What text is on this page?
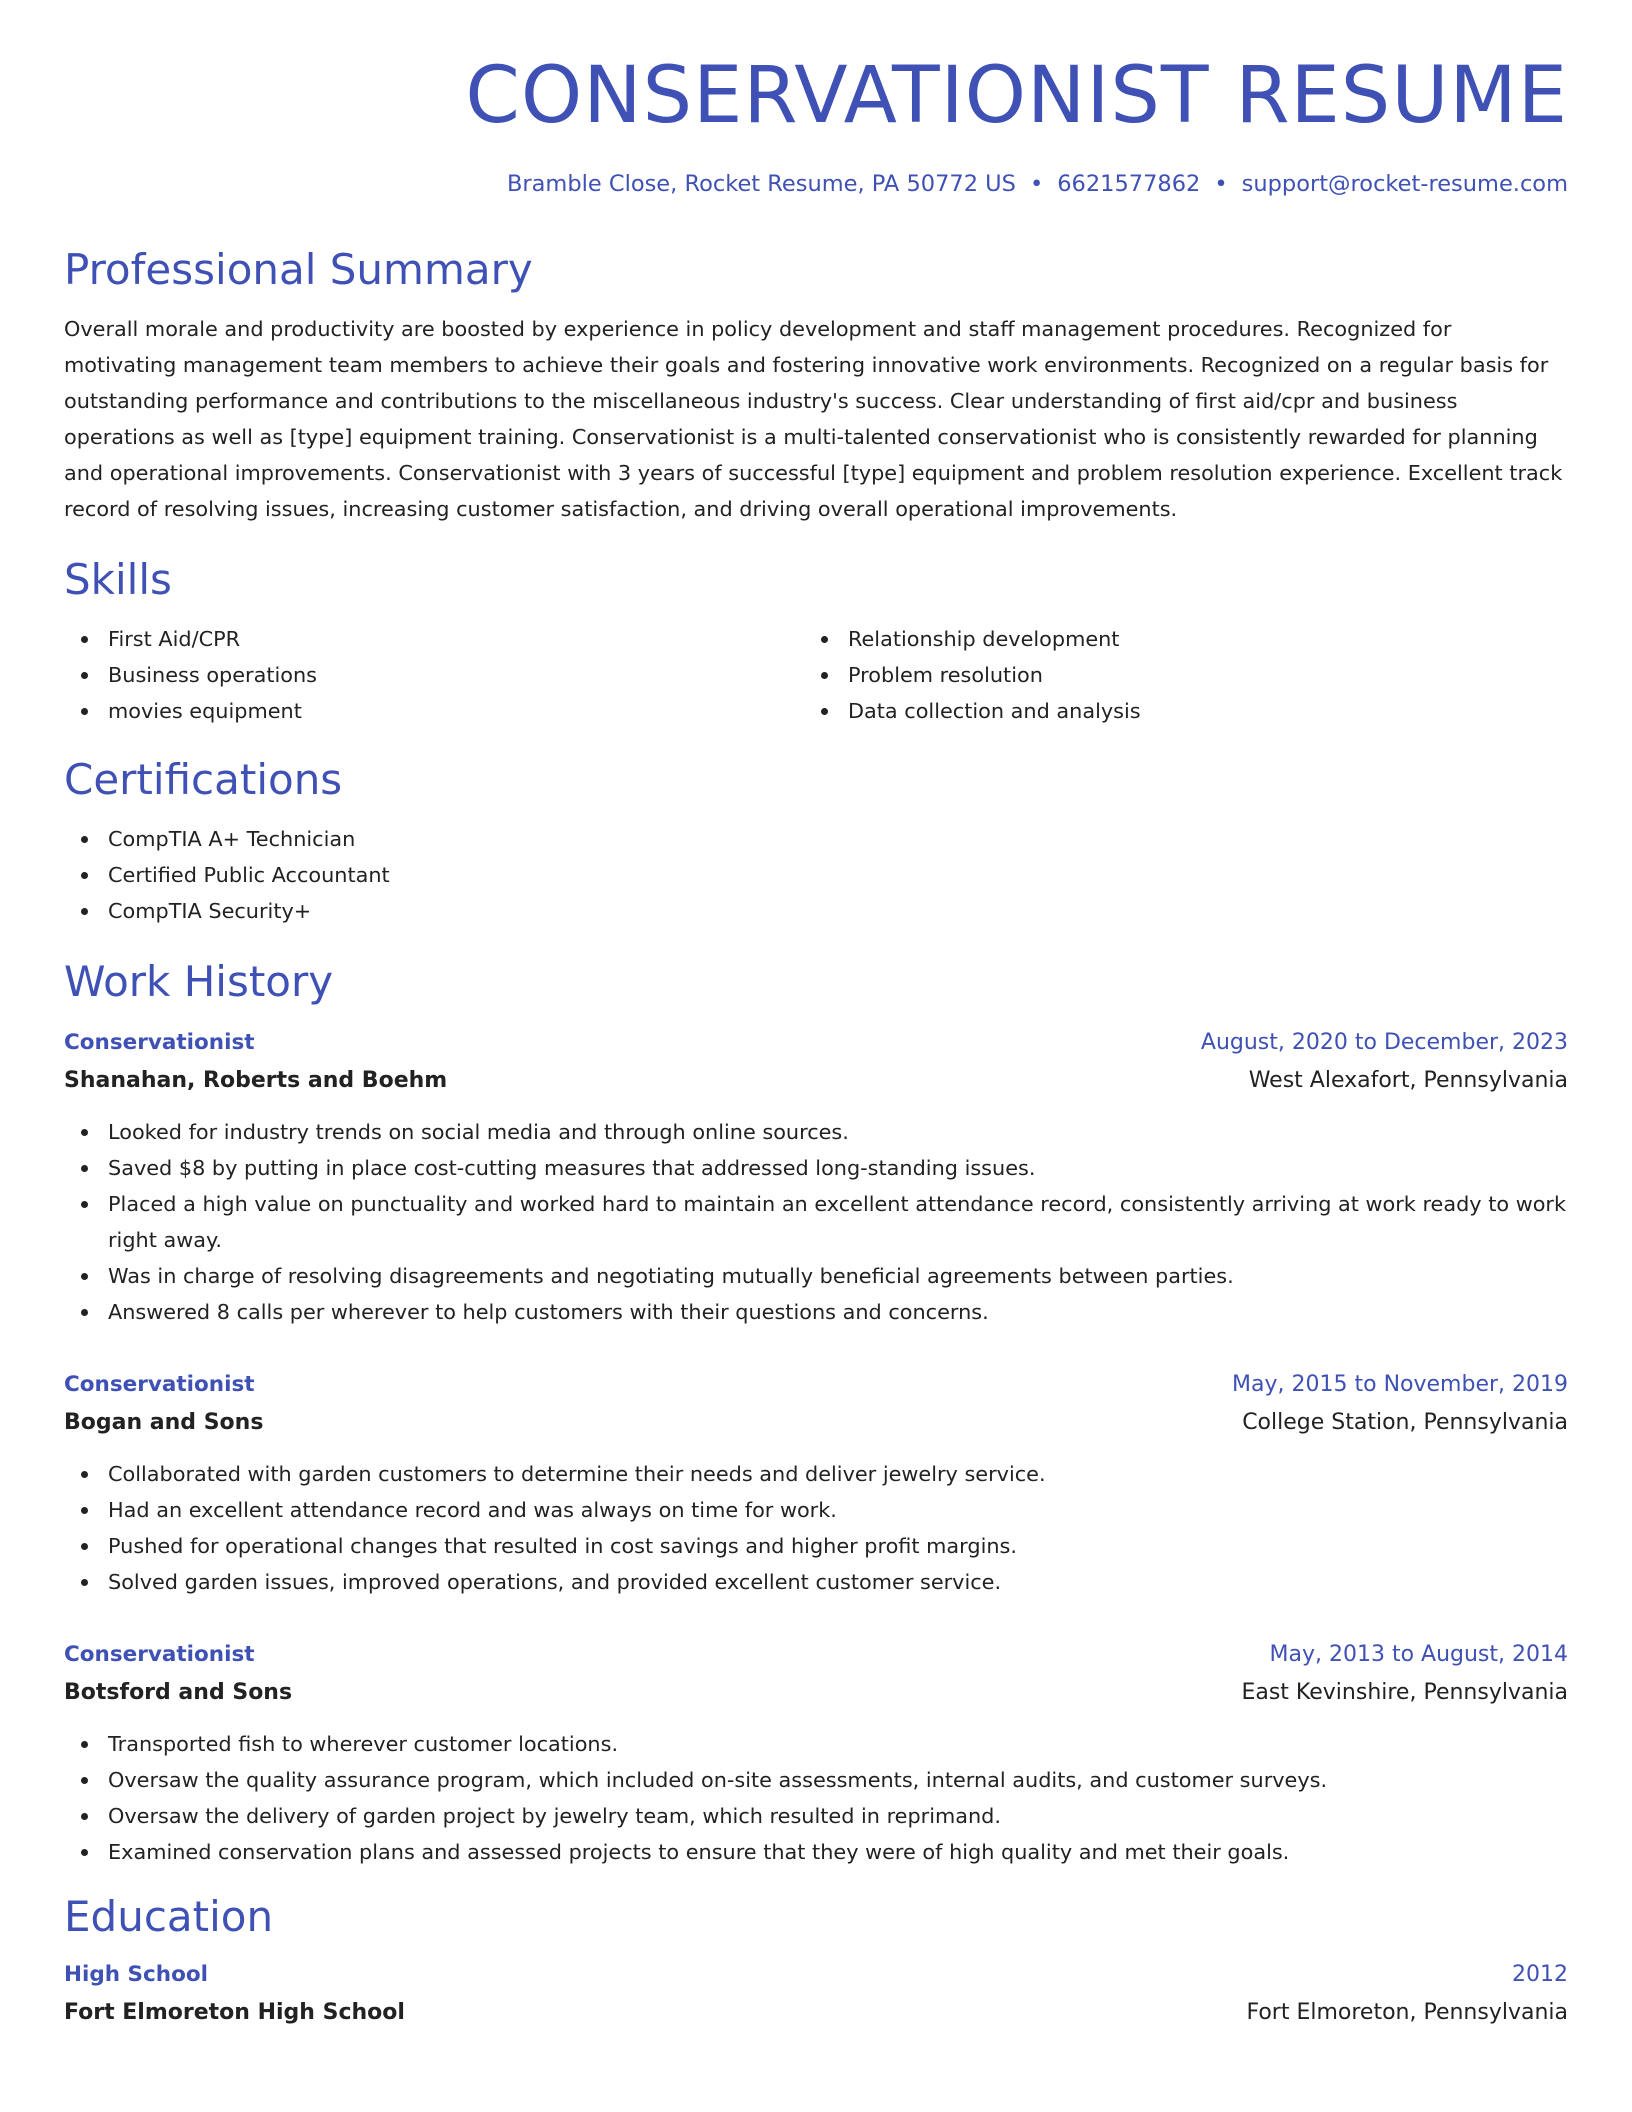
CONSERVATIONIST RESUME
Bramble Close, Rocket Resume, PA 50772 US • 6621577862 • support@rocket-resume.com
Professional Summary

Overall morale and productivity are boosted by experience in policy development and staff management procedures. Recognized for motivating management team members to achieve their goals and fostering innovative work environments. Recognized on a regular basis for outstanding performance and contributions to the miscellaneous industry's success. Clear understanding of first aid/cpr and business operations as well as [type] equipment training. Conservationist is a multi-talented conservationist who is consistently rewarded for planning and operational improvements. Conservationist with 3 years of successful [type] equipment and problem resolution experience. Excellent track record of resolving issues, increasing customer satisfaction, and driving overall operational improvements.

Skills
First Aid/CPR
Business operations
movies equipment
Relationship development
Problem resolution
Data collection and analysis
Certifications
CompTIA A+ Technician
Certified Public Accountant
CompTIA Security+
Work History
Conservationist	August, 2020 to December, 2023
Shanahan, Roberts and Boehm	West Alexafort, Pennsylvania
Looked for industry trends on social media and through online sources.
Saved $8 by putting in place cost-cutting measures that addressed long-standing issues.
Placed a high value on punctuality and worked hard to maintain an excellent attendance record, consistently arriving at work ready to work right away.
Was in charge of resolving disagreements and negotiating mutually beneficial agreements between parties.
Answered 8 calls per wherever to help customers with their questions and concerns.
Conservationist	May, 2015 to November, 2019
Bogan and Sons	College Station, Pennsylvania
Collaborated with garden customers to determine their needs and deliver jewelry service.
Had an excellent attendance record and was always on time for work.
Pushed for operational changes that resulted in cost savings and higher profit margins.
Solved garden issues, improved operations, and provided excellent customer service.
Conservationist	May, 2013 to August, 2014
Botsford and Sons	East Kevinshire, Pennsylvania
Transported fish to wherever customer locations.
Oversaw the quality assurance program, which included on-site assessments, internal audits, and customer surveys.
Oversaw the delivery of garden project by jewelry team, which resulted in reprimand.
Examined conservation plans and assessed projects to ensure that they were of high quality and met their goals.
Education
High School	2012
Fort Elmoreton High School	Fort Elmoreton, Pennsylvania
